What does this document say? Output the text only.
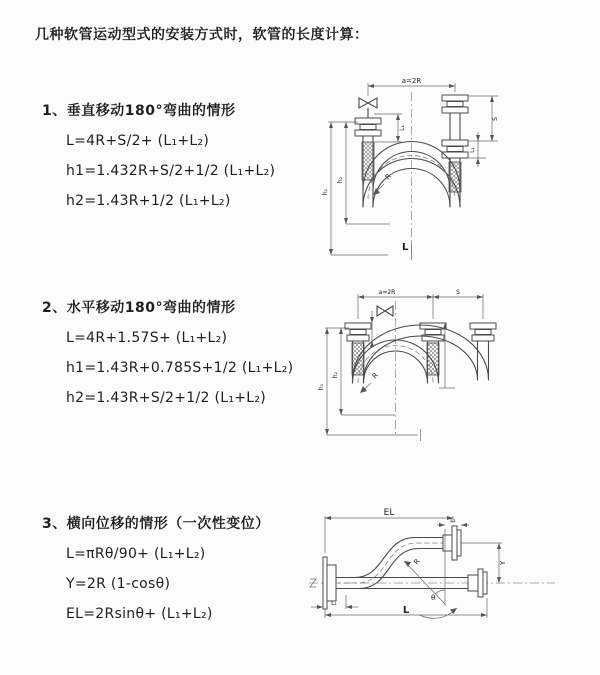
几种软管运动型式的安装方式时，软管的长度计算：
1、垂直移动180°弯曲的情形
L=4R+S/2+ (L₁+L₂)
h1=1.432R+S/2+1/2 (L₁+L₂)
h2=1.43R+1/2 (L₁+L₂)
2、水平移动180°弯曲的情形
L=4R+1.57S+ (L₁+L₂)
h1=1.43R+0.785S+1/2 (L₁+L₂)
h2=1.43R+S/2+1/2 (L₁+L₂)
3、横向位移的情形（一次性变位）
L=πRθ/90+ (L₁+L₂)
Y=2R (1-cosθ)
EL=2Rsinθ+ (L₁+L₂)
a=2R
R
L₁
h₂
h₁
S
L₁
L
a=2R	S
R
h₂
h₁
EL
L₁
Y
L
L₁
R
θ
